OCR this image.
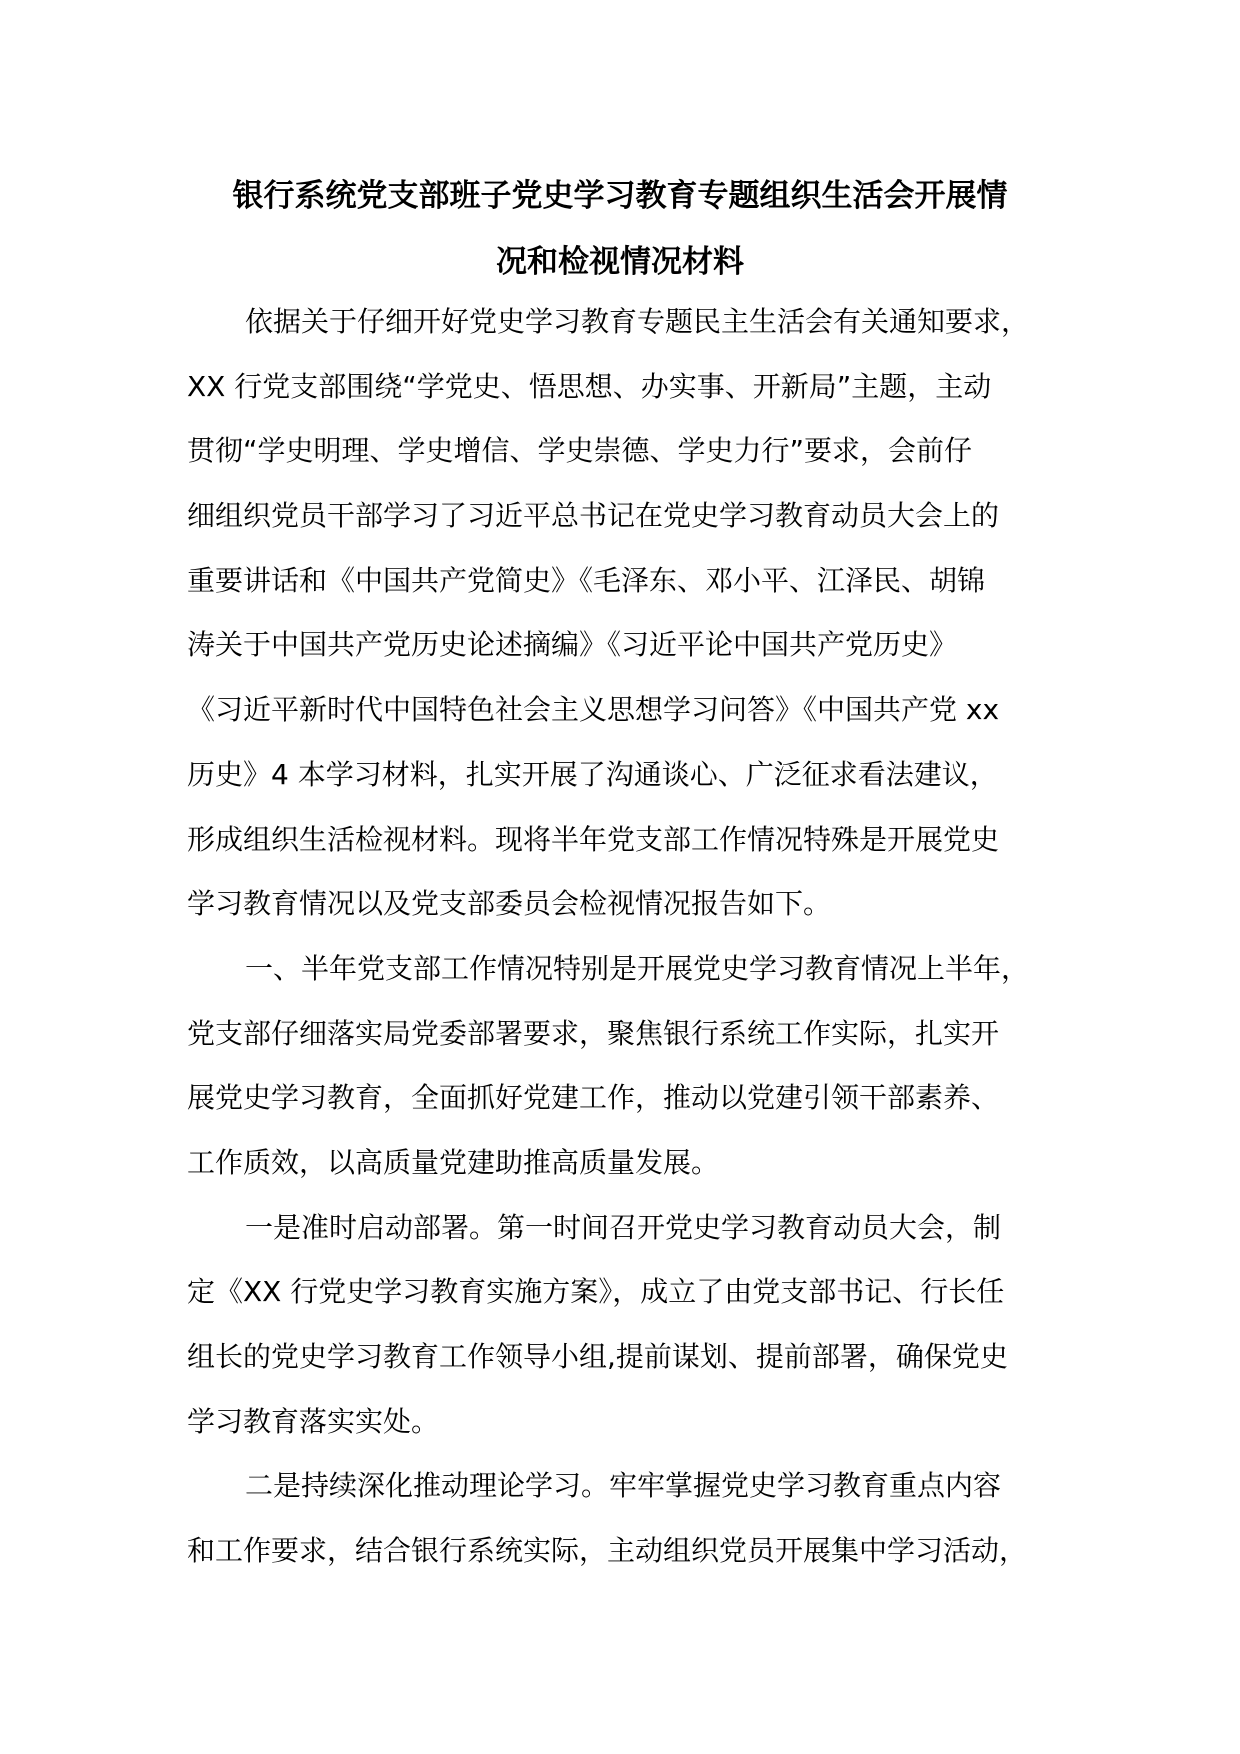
银行系统党支部班子党史学习教育专题组织生活会开展情
况和检视情况材料
依据关于仔细开好党史学习教育专题民主生活会有关通知要求，
XX 行党支部围绕“学党史、悟思想、办实事、开新局”主题，主动
贯彻“学史明理、学史增信、学史崇德、学史力行”要求，会前仔
细组织党员干部学习了习近平总书记在党史学习教育动员大会上的
重要讲话和《中国共产党简史》《毛泽东、邓小平、江泽民、胡锦
涛关于中国共产党历史论述摘编》《习近平论中国共产党历史》
《习近平新时代中国特色社会主义思想学习问答》《中国共产党 xx
历史》4 本学习材料，扎实开展了沟通谈心、广泛征求看法建议，
形成组织生活检视材料。现将半年党支部工作情况特殊是开展党史
学习教育情况以及党支部委员会检视情况报告如下。
一、半年党支部工作情况特别是开展党史学习教育情况上半年，
党支部仔细落实局党委部署要求，聚焦银行系统工作实际，扎实开
展党史学习教育，全面抓好党建工作，推动以党建引领干部素养、
工作质效，以高质量党建助推高质量发展。
一是准时启动部署。第一时间召开党史学习教育动员大会，制
定《XX 行党史学习教育实施方案》，成立了由党支部书记、行长任
组长的党史学习教育工作领导小组,提前谋划、提前部署，确保党史
学习教育落实实处。
二是持续深化推动理论学习。牢牢掌握党史学习教育重点内容
和工作要求，结合银行系统实际，主动组织党员开展集中学习活动，
